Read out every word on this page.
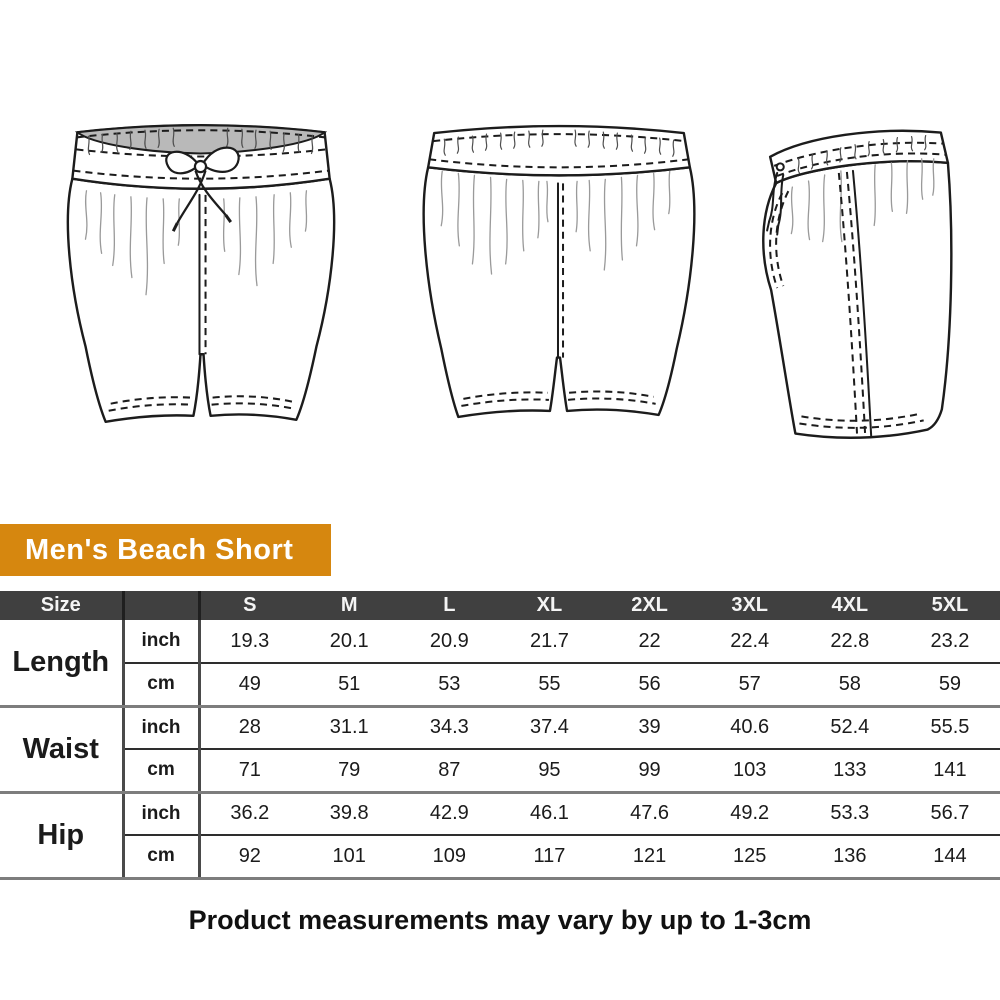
Men's Beach Short
Size		S	M	L	XL	2XL	3XL	4XL	5XL
Length	inch	19.3	20.1	20.9	21.7	22	22.4	22.8	23.2
	cm	49	51	53	55	56	57	58	59
Waist	inch	28	31.1	34.3	37.4	39	40.6	52.4	55.5
	cm	71	79	87	95	99	103	133	141
Hip	inch	36.2	39.8	42.9	46.1	47.6	49.2	53.3	56.7
	cm	92	101	109	117	121	125	136	144
Product measurements may vary by up to 1-3cm
